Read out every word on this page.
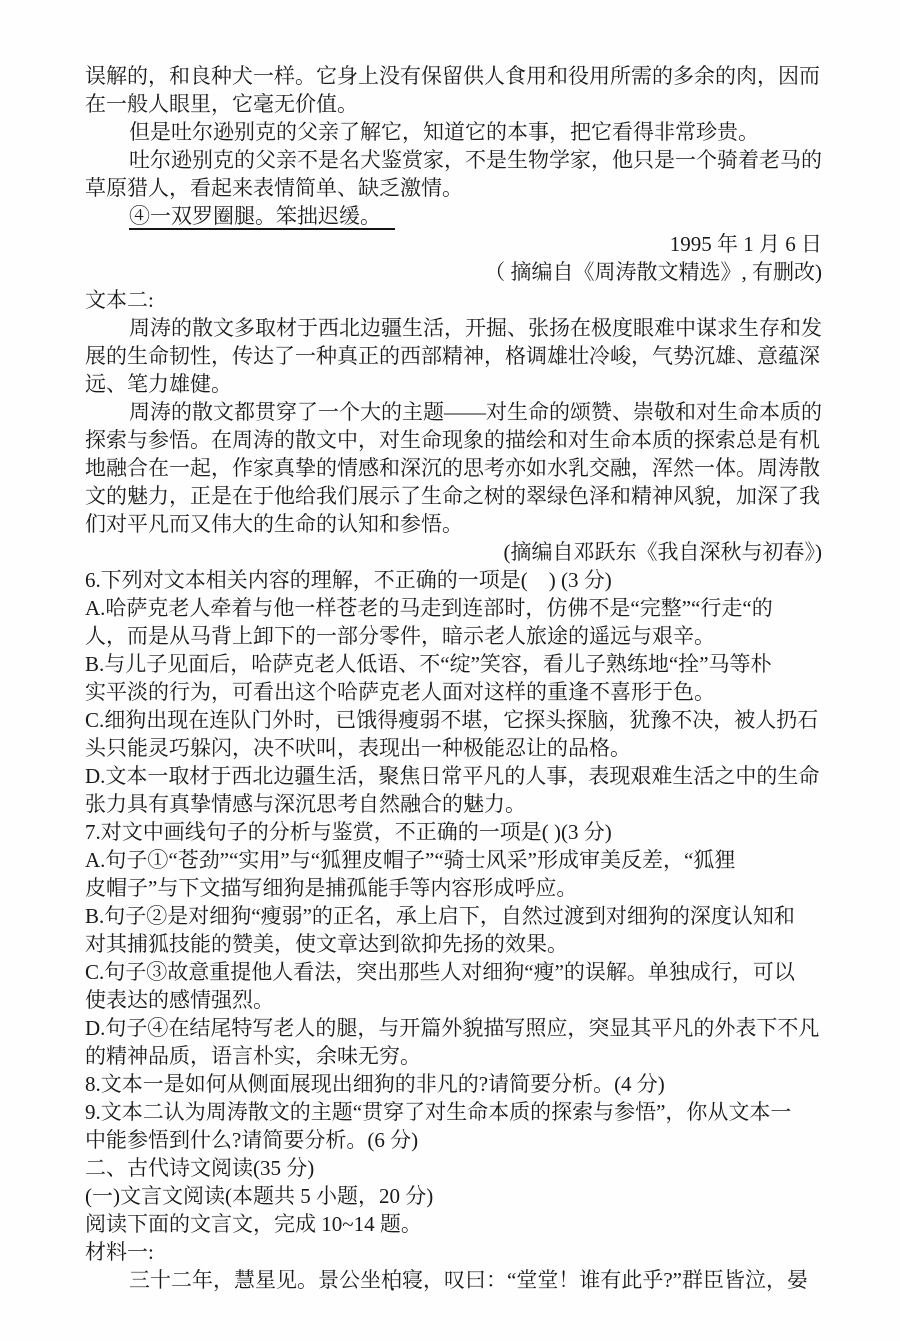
误解的，和良种犬一样。它身上没有保留供人食用和役用所需的多余的肉，因而
在一般人眼里，它毫无价值。
但是吐尔逊别克的父亲了解它，知道它的本事，把它看得非常珍贵。
吐尔逊别克的父亲不是名犬鉴赏家，不是生物学家，他只是一个骑着老马的
草原猎人，看起来表情简单、缺乏激情。
④一双罗圈腿。笨拙迟缓。
1995 年 1 月 6 日
（ 摘编自《周涛散文精选》, 有删改)
文本二:
周涛的散文多取材于西北边疆生活，开掘、张扬在极度眼难中谋求生存和发
展的生命韧性，传达了一种真正的西部精神，格调雄壮冷峻，气势沉雄、意蕴深
远、笔力雄健。
周涛的散文都贯穿了一个大的主题——对生命的颂赞、崇敬和对生命本质的
探索与参悟。在周涛的散文中，对生命现象的描绘和对生命本质的探索总是有机
地融合在一起，作家真挚的情感和深沉的思考亦如水乳交融，浑然一体。周涛散
文的魅力，正是在于他给我们展示了生命之树的翠绿色泽和精神风貌，加深了我
们对平凡而又伟大的生命的认知和参悟。
(摘编自邓跃东《我自深秋与初春》)
6.下列对文本相关内容的理解，不正确的一项是(　) (3 分)
A.哈萨克老人牵着与他一样苍老的马走到连部时，仿佛不是“完整”“行走“的
人，而是从马背上卸下的一部分零件，暗示老人旅途的遥远与艰辛。
B.与儿子见面后，哈萨克老人低语、不“绽”笑容，看儿子熟练地“拴”马等朴
实平淡的行为，可看出这个哈萨克老人面对这样的重逢不喜形于色。
C.细狗出现在连队门外时，已饿得瘦弱不堪，它探头探脑，犹豫不决，被人扔石
头只能灵巧躲闪，决不吠叫，表现出一种极能忍让的品格。
D.文本一取材于西北边疆生活，聚焦日常平凡的人事，表现艰难生活之中的生命
张力具有真挚情感与深沉思考自然融合的魅力。
7.对文中画线句子的分析与鉴赏，不正确的一项是( )(3 分)
A.句子①“苍劲”“实用”与“狐狸皮帽子”“骑士风采”形成审美反差，“狐狸
皮帽子”与下文描写细狗是捕孤能手等内容形成呼应。
B.句子②是对细狗“瘦弱”的正名，承上启下，自然过渡到对细狗的深度认知和
对其捕狐技能的赞美，使文章达到欲抑先扬的效果。
C.句子③故意重提他人看法，突出那些人对细狗“瘦”的误解。单独成行，可以
使表达的感情强烈。
D.句子④在结尾特写老人的腿，与开篇外貌描写照应，突显其平凡的外表下不凡
的精神品质，语言朴实，余味无穷。
8.文本一是如何从侧面展现出细狗的非凡的?请简要分析。(4 分)
9.文本二认为周涛散文的主题“贯穿了对生命本质的探索与参悟”，你从文本一
中能参悟到什么?请简要分析。(6 分)
二、古代诗文阅读(35 分)
(一)文言文阅读(本题共 5 小题，20 分)
阅读下面的文言文，完成 10~14 题。
材料一:
三十二年，慧星见。景公坐柏寝，叹曰：“堂堂！谁有此乎?”群臣皆泣，晏
